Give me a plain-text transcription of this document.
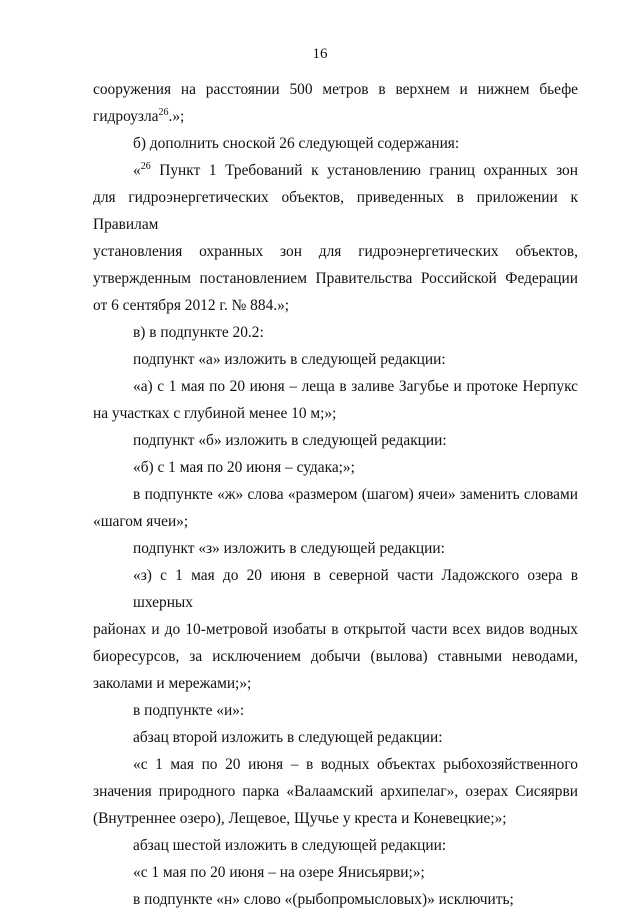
16
сооружения на расстоянии 500 метров в верхнем и нижнем бьефе
гидроузла$^{26}$.»;
б) дополнить сноской 26 следующей содержания:
«$^{26}$ Пункт 1 Требований к установлению границ охранных зон
для гидроэнергетических объектов, приведенных в приложении к Правилам
установления охранных зон для гидроэнергетических объектов,
утвержденным постановлением Правительства Российской Федерации
от 6 сентября 2012 г. № 884.»;
в) в подпункте 20.2:
подпункт «а» изложить в следующей редакции:
«а) с 1 мая по 20 июня – леща в заливе Загубье и протоке Нерпукс
на участках с глубиной менее 10 м;»;
подпункт «б» изложить в следующей редакции:
«б) с 1 мая по 20 июня – судака;»;
в подпункте «ж» слова «размером (шагом) ячеи» заменить словами
«шагом ячеи»;
подпункт «з» изложить в следующей редакции:
«з) с 1 мая до 20 июня в северной части Ладожского озера в шхерных
районах и до 10-метровой изобаты в открытой части всех видов водных
биоресурсов, за исключением добычи (вылова) ставными неводами,
заколами и мережами;»;
в подпункте «и»:
абзац второй изложить в следующей редакции:
«с 1 мая по 20 июня – в водных объектах рыбохозяйственного
значения природного парка «Валаамский архипелаг», озерах Сисяярви
(Внутреннее озеро), Лещевое, Щучье у креста и Коневецкие;»;
абзац шестой изложить в следующей редакции:
«с 1 мая по 20 июня – на озере Янисьярви;»;
в подпункте «н» слово «(рыбопромысловых)» исключить;
